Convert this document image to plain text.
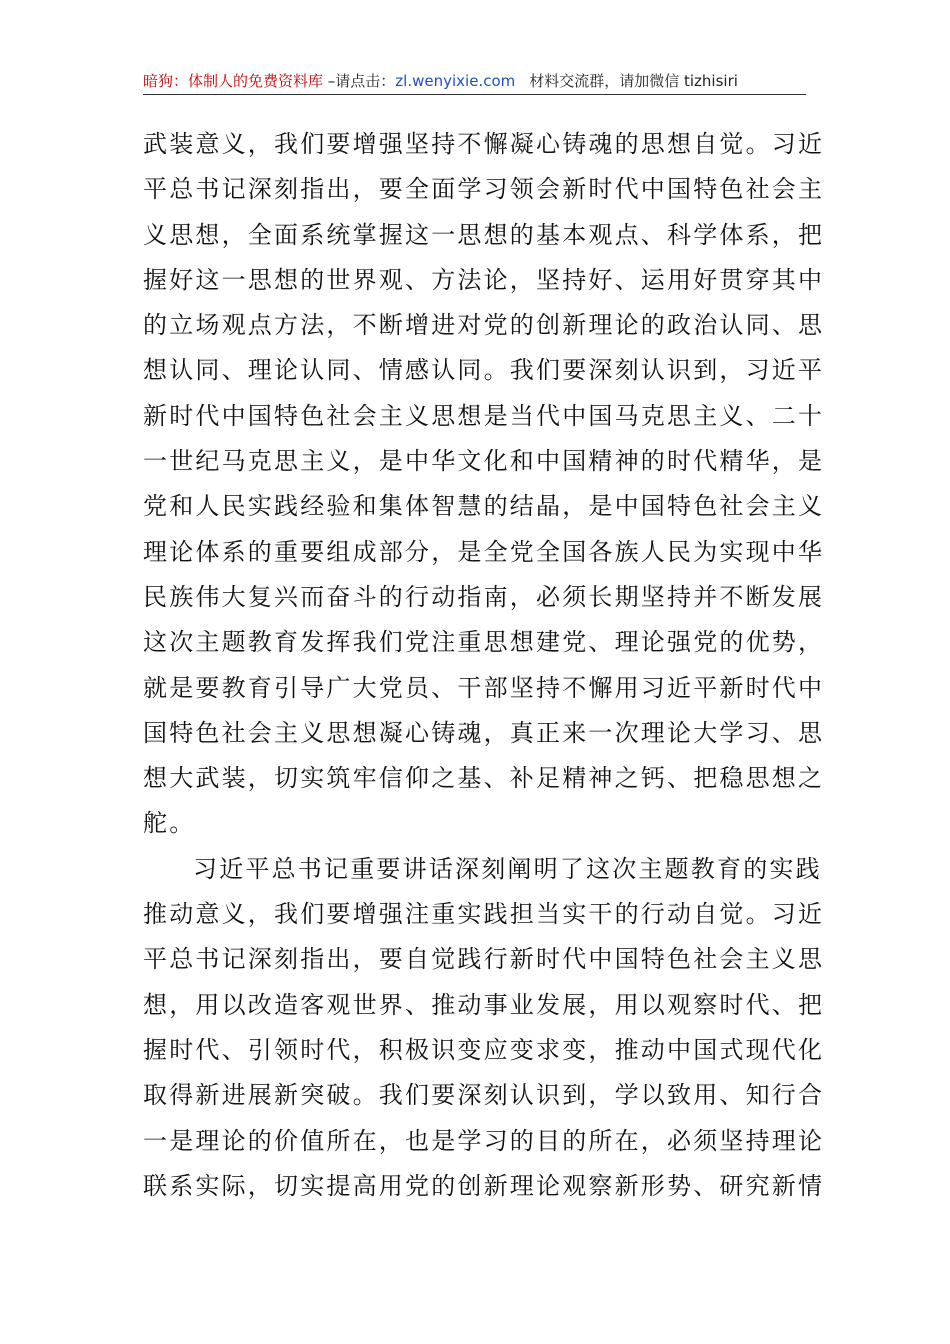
暗狗：体制人的免费资料库 –请点击：zl.wenyixie.com 材料交流群，请加微信 tizhisiri
武装意义，我们要增强坚持不懈凝心铸魂的思想自觉。习近
平总书记深刻指出，要全面学习领会新时代中国特色社会主
义思想，全面系统掌握这一思想的基本观点、科学体系，把
握好这一思想的世界观、方法论，坚持好、运用好贯穿其中
的立场观点方法，不断增进对党的创新理论的政治认同、思
想认同、理论认同、情感认同。我们要深刻认识到，习近平
新时代中国特色社会主义思想是当代中国马克思主义、二十
一世纪马克思主义，是中华文化和中国精神的时代精华，是
党和人民实践经验和集体智慧的结晶，是中国特色社会主义
理论体系的重要组成部分，是全党全国各族人民为实现中华
民族伟大复兴而奋斗的行动指南，必须长期坚持并不断发展
这次主题教育发挥我们党注重思想建党、理论强党的优势，
就是要教育引导广大党员、干部坚持不懈用习近平新时代中
国特色社会主义思想凝心铸魂，真正来一次理论大学习、思
想大武装，切实筑牢信仰之基、补足精神之钙、把稳思想之
舵。
习近平总书记重要讲话深刻阐明了这次主题教育的实践
推动意义，我们要增强注重实践担当实干的行动自觉。习近
平总书记深刻指出，要自觉践行新时代中国特色社会主义思
想，用以改造客观世界、推动事业发展，用以观察时代、把
握时代、引领时代，积极识变应变求变，推动中国式现代化
取得新进展新突破。我们要深刻认识到，学以致用、知行合
一是理论的价值所在，也是学习的目的所在，必须坚持理论
联系实际，切实提高用党的创新理论观察新形势、研究新情
